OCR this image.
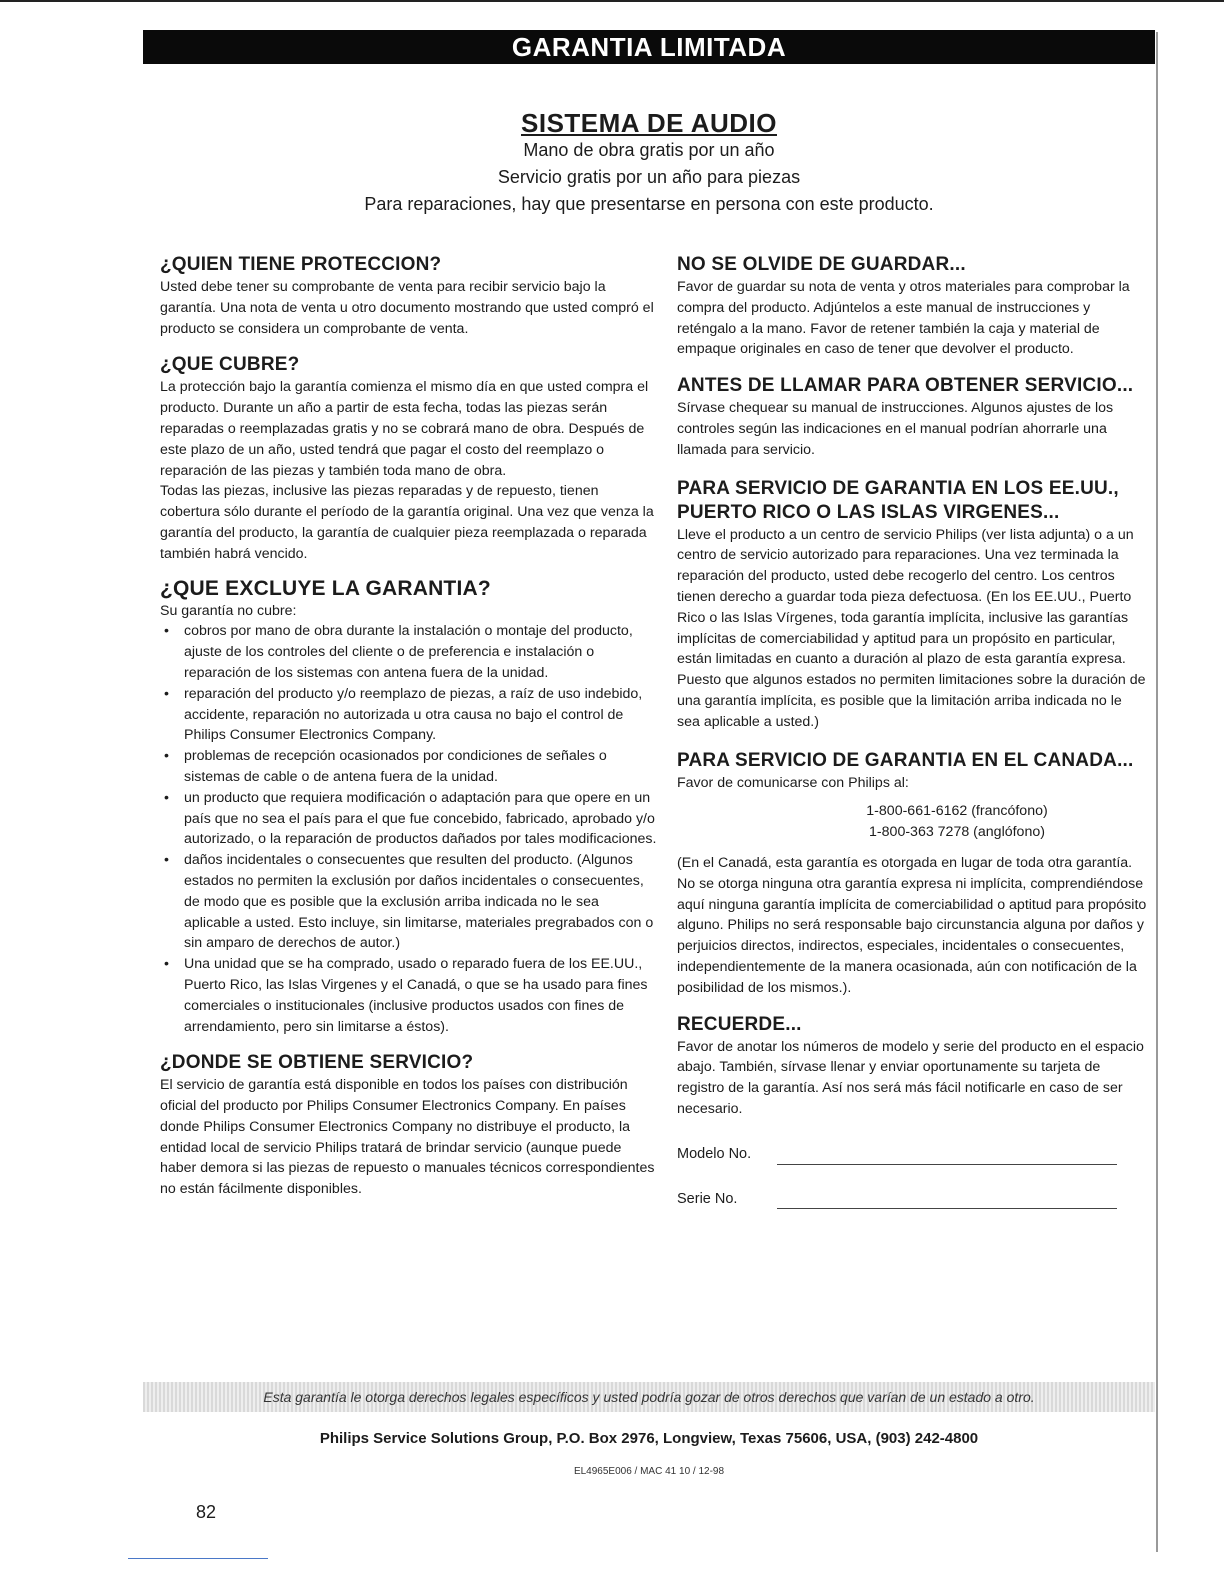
GARANTIA LIMITADA
SISTEMA DE AUDIO
Mano de obra gratis por un año
Servicio gratis por un año para piezas
Para reparaciones, hay que presentarse en persona con este producto.
¿QUIEN TIENE PROTECCION?

Usted debe tener su comprobante de venta para recibir servicio bajo la garantía. Una nota de venta u otro documento mostrando que usted compró el producto se considera un comprobante de venta.

¿QUE CUBRE?

La protección bajo la garantía comienza el mismo día en que usted compra el producto. Durante un año a partir de esta fecha, todas las piezas serán reparadas o reemplazadas gratis y no se cobrará mano de obra. Después de este plazo de un año, usted tendrá que pagar el costo del reemplazo o reparación de las piezas y también toda mano de obra.

Todas las piezas, inclusive las piezas reparadas y de repuesto, tienen cobertura sólo durante el período de la garantía original. Una vez que venza la garantía del producto, la garantía de cualquier pieza reemplazada o reparada también habrá vencido.

¿QUE EXCLUYE LA GARANTIA?

Su garantía no cubre:

• cobros por mano de obra durante la instalación o montaje del producto, ajuste de los controles del cliente o de preferencia e instalación o reparación de los sistemas con antena fuera de la unidad.
• reparación del producto y/o reemplazo de piezas, a raíz de uso indebido, accidente, reparación no autorizada u otra causa no bajo el control de Philips Consumer Electronics Company.
• problemas de recepción ocasionados por condiciones de señales o sistemas de cable o de antena fuera de la unidad.
• un producto que requiera modificación o adaptación para que opere en un país que no sea el país para el que fue concebido, fabricado, aprobado y/o autorizado, o la reparación de productos dañados por tales modificaciones.
• daños incidentales o consecuentes que resulten del producto. (Algunos estados no permiten la exclusión por daños incidentales o consecuentes, de modo que es posible que la exclusión arriba indicada no le sea aplicable a usted. Esto incluye, sin limitarse, materiales pregrabados con o sin amparo de derechos de autor.)
• Una unidad que se ha comprado, usado o reparado fuera de los EE.UU., Puerto Rico, las Islas Virgenes y el Canadá, o que se ha usado para fines comerciales o institucionales (inclusive productos usados con fines de arrendamiento, pero sin limitarse a éstos).
¿DONDE SE OBTIENE SERVICIO?

El servicio de garantía está disponible en todos los países con distribución oficial del producto por Philips Consumer Electronics Company. En países donde Philips Consumer Electronics Company no distribuye el producto, la entidad local de servicio Philips tratará de brindar servicio (aunque puede haber demora si las piezas de repuesto o manuales técnicos correspondientes no están fácilmente disponibles.

NO SE OLVIDE DE GUARDAR...

Favor de guardar su nota de venta y otros materiales para comprobar la compra del producto. Adjúntelos a este manual de instrucciones y reténgalo a la mano. Favor de retener también la caja y material de empaque originales en caso de tener que devolver el producto.

ANTES DE LLAMAR PARA OBTENER SERVICIO...

Sírvase chequear su manual de instrucciones. Algunos ajustes de los controles según las indicaciones en el manual podrían ahorrarle una llamada para servicio.

PARA SERVICIO DE GARANTIA EN LOS EE.UU., PUERTO RICO O LAS ISLAS VIRGENES...

Lleve el producto a un centro de servicio Philips (ver lista adjunta) o a un centro de servicio autorizado para reparaciones. Una vez terminada la reparación del producto, usted debe recogerlo del centro. Los centros tienen derecho a guardar toda pieza defectuosa. (En los EE.UU., Puerto Rico o las Islas Vírgenes, toda garantía implícita, inclusive las garantías implícitas de comerciabilidad y aptitud para un propósito en particular, están limitadas en cuanto a duración al plazo de esta garantía expresa. Puesto que algunos estados no permiten limitaciones sobre la duración de una garantía implícita, es posible que la limitación arriba indicada no le sea aplicable a usted.)

PARA SERVICIO DE GARANTIA EN EL CANADA...

Favor de comunicarse con Philips al:

1-800-661-6162 (francófono)
1-800-363 7278 (anglófono)

(En el Canadá, esta garantía es otorgada en lugar de toda otra garantía. No se otorga ninguna otra garantía expresa ni implícita, comprendiéndose aquí ninguna garantía implícita de comerciabilidad o aptitud para propósito alguno. Philips no será responsable bajo circunstancia alguna por daños y perjuicios directos, indirectos, especiales, incidentales o consecuentes, independientemente de la manera ocasionada, aún con notificación de la posibilidad de los mismos.).

RECUERDE...

Favor de anotar los números de modelo y serie del producto en el espacio abajo. También, sírvase llenar y enviar oportunamente su tarjeta de registro de la garantía. Así nos será más fácil notificarle en caso de ser necesario.

Modelo No.
Serie No.
Esta garantía le otorga derechos legales específicos y usted podría gozar de otros derechos que varían de un estado a otro.
Philips Service Solutions Group, P.O. Box 2976, Longview, Texas 75606, USA, (903) 242-4800
EL4965E006 / MAC 41 10 / 12-98
82
